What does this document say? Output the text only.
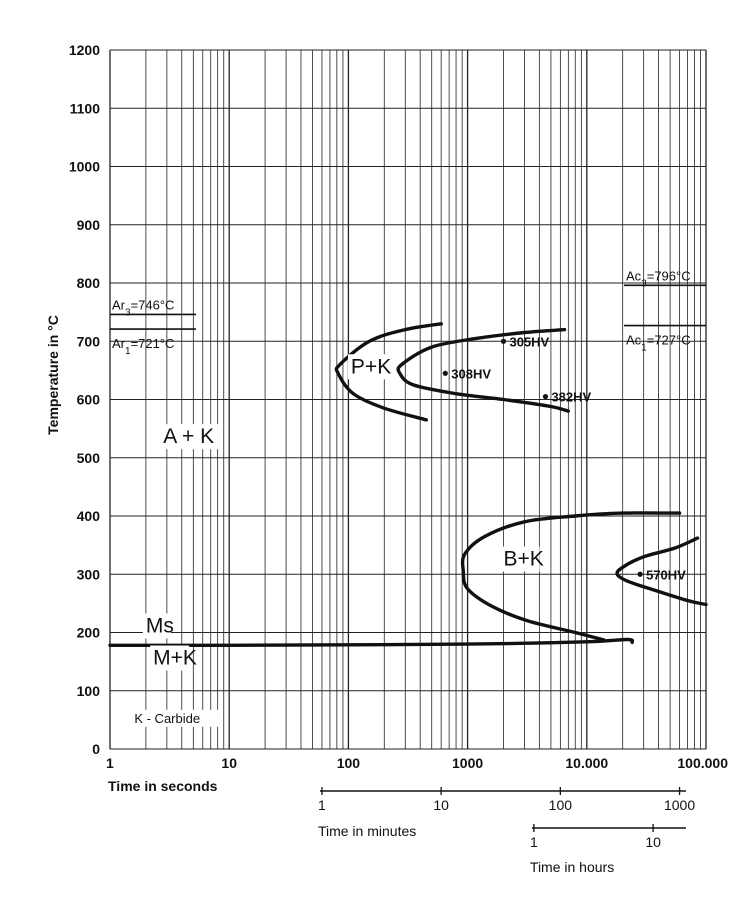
$Ar_3=746^\circ C$
$Ar_1=721^\circ C$
$Ac_3=796^\circ C$
$Ac_1=727^\circ C$
305HV
308HV
382HV
570HV
P+K
A + K
B+K
Ms
M+K
K - Carbide
0
100
200
300
400
500
600
700
800
900
1000
1100
1200
1	10	100	1000	10.000	100.000
1	10	100	1000
Time in minutes
1	10
Time in hours
Time in seconds
Temperature in °C
